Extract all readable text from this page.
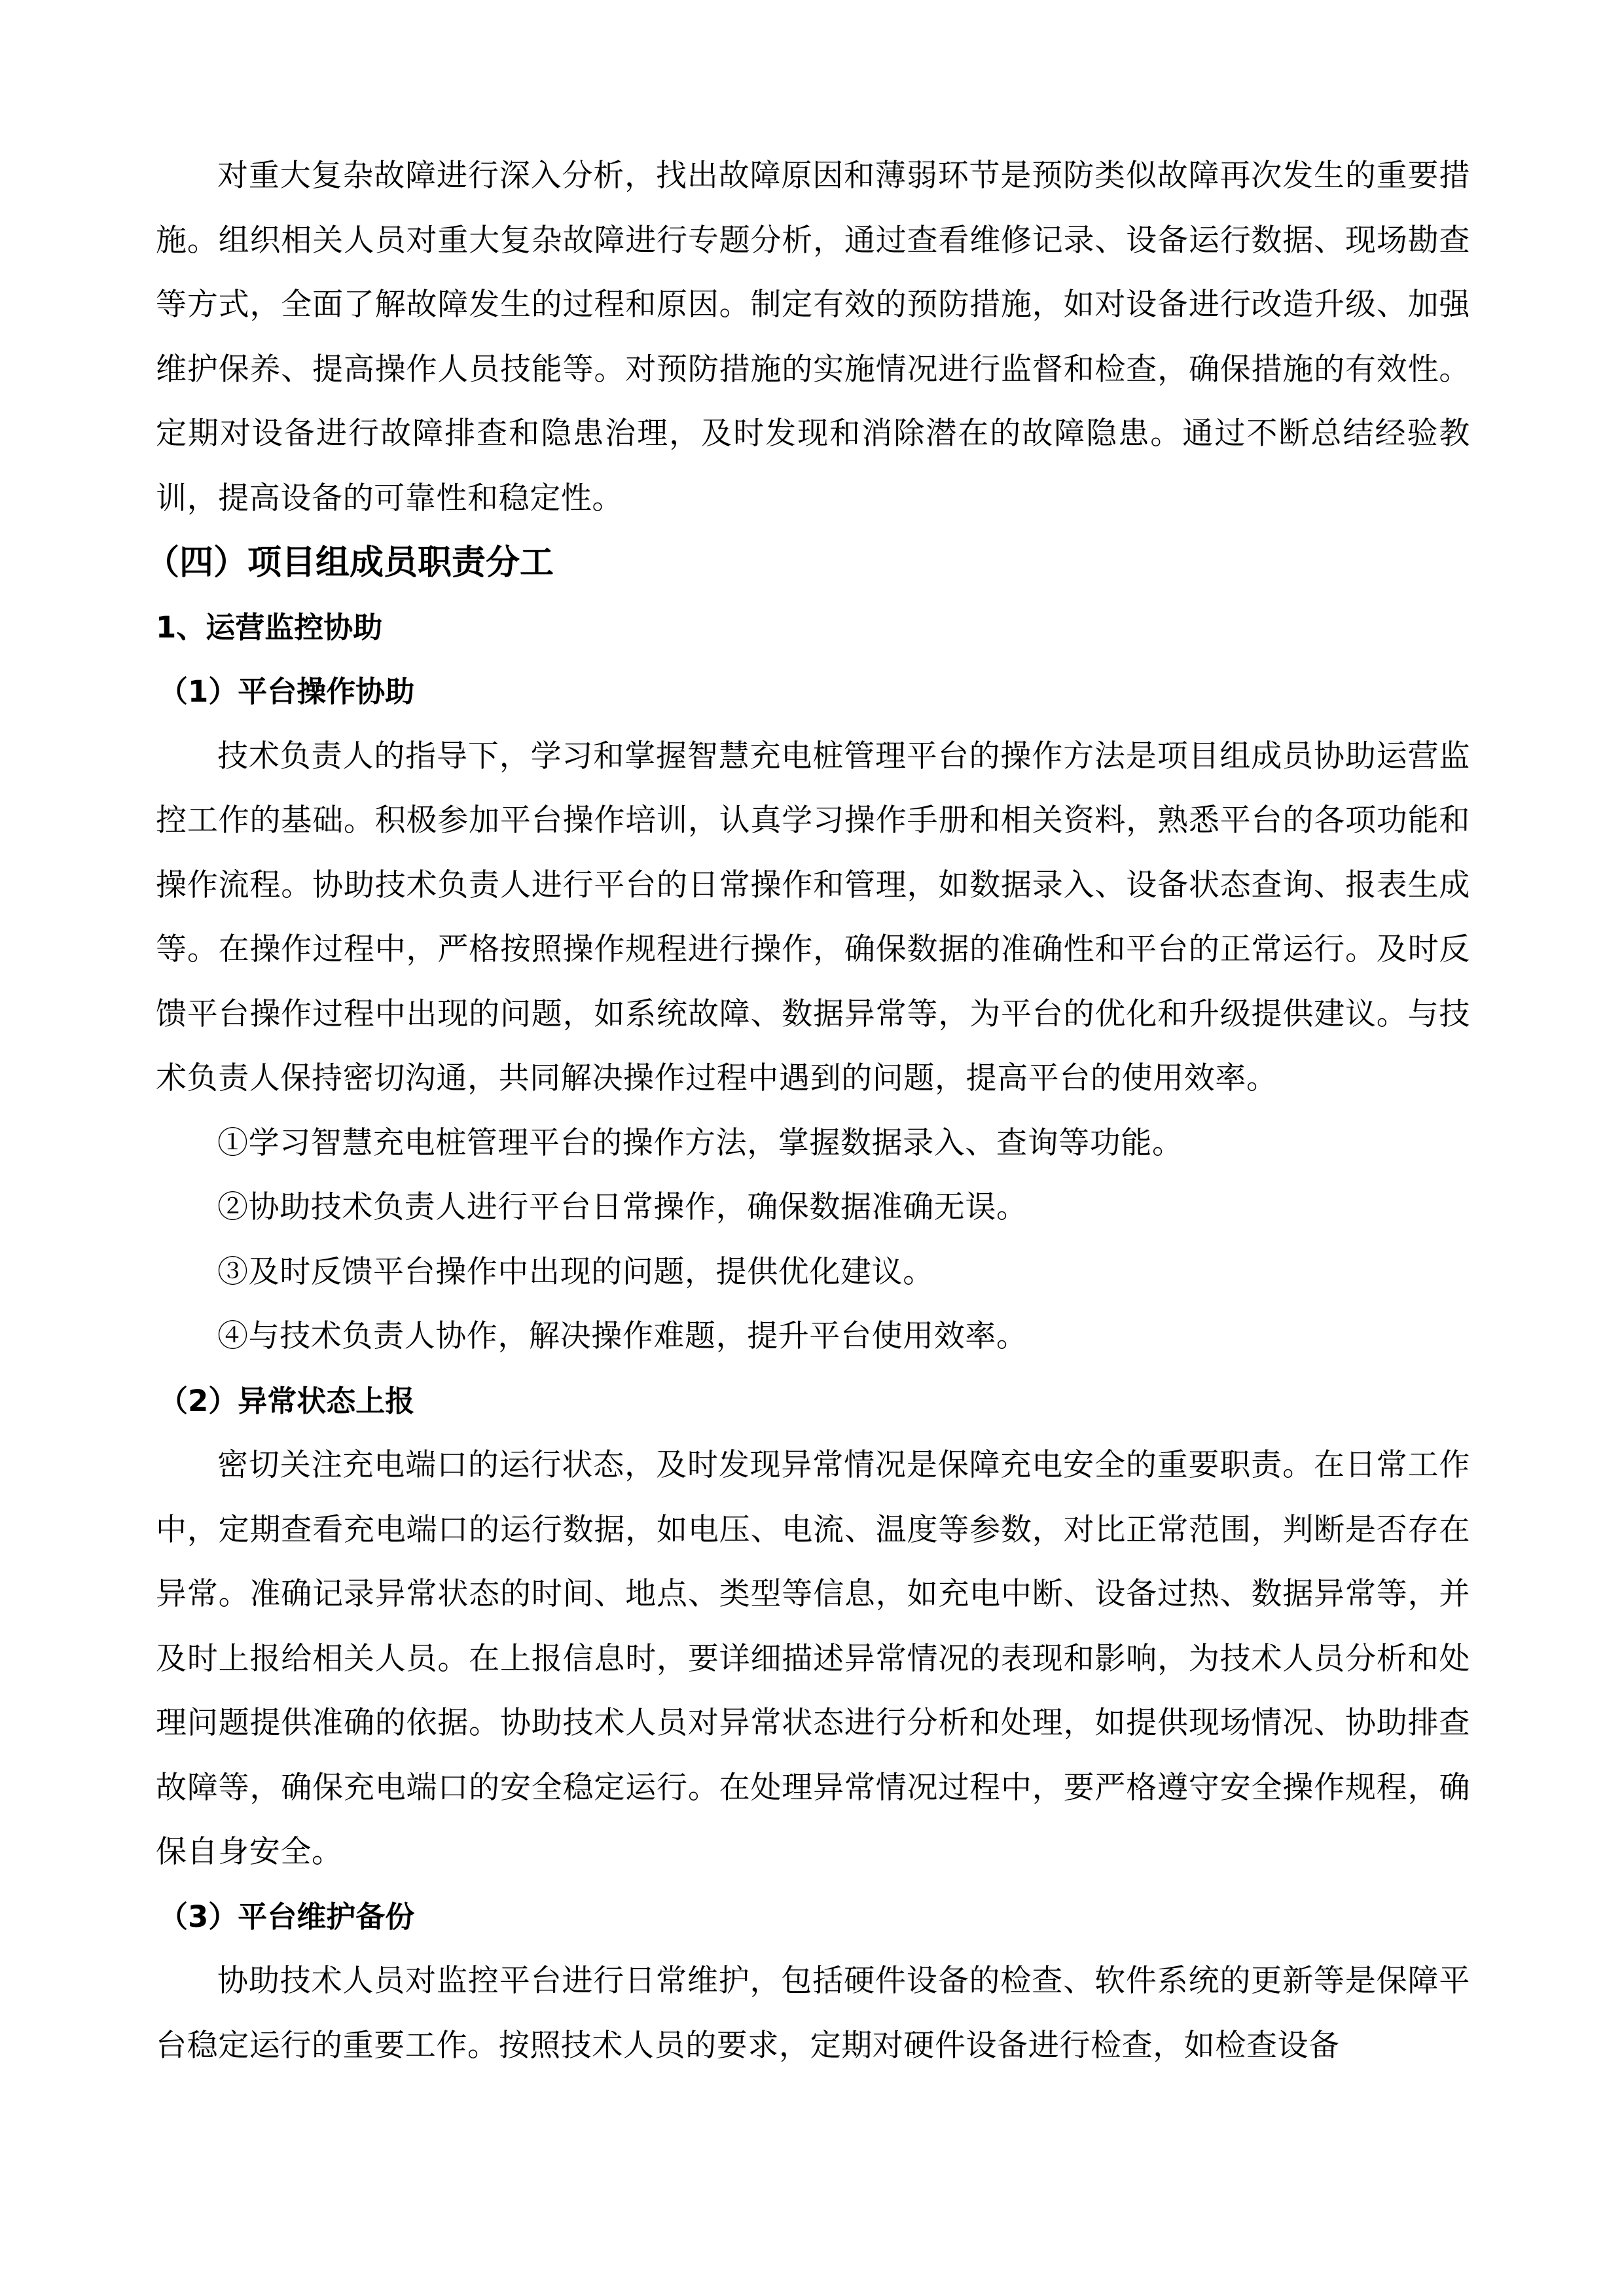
对重大复杂故障进行深入分析，找出故障原因和薄弱环节是预防类似故障再次发生的重要措施。组织相关人员对重大复杂故障进行专题分析，通过查看维修记录、设备运行数据、现场勘查等方式，全面了解故障发生的过程和原因。制定有效的预防措施，如对设备进行改造升级、加强维护保养、提高操作人员技能等。对预防措施的实施情况进行监督和检查，确保措施的有效性。定期对设备进行故障排查和隐患治理，及时发现和消除潜在的故障隐患。通过不断总结经验教训，提高设备的可靠性和稳定性。

（四）项目组成员职责分工
1、运营监控协助
（1）平台操作协助

技术负责人的指导下，学习和掌握智慧充电桩管理平台的操作方法是项目组成员协助运营监控工作的基础。积极参加平台操作培训，认真学习操作手册和相关资料，熟悉平台的各项功能和操作流程。协助技术负责人进行平台的日常操作和管理，如数据录入、设备状态查询、报表生成等。在操作过程中，严格按照操作规程进行操作，确保数据的准确性和平台的正常运行。及时反馈平台操作过程中出现的问题，如系统故障、数据异常等，为平台的优化和升级提供建议。与技术负责人保持密切沟通，共同解决操作过程中遇到的问题，提高平台的使用效率。

①学习智慧充电桩管理平台的操作方法，掌握数据录入、查询等功能。

②协助技术负责人进行平台日常操作，确保数据准确无误。

③及时反馈平台操作中出现的问题，提供优化建议。

④与技术负责人协作，解决操作难题，提升平台使用效率。

（2）异常状态上报

密切关注充电端口的运行状态，及时发现异常情况是保障充电安全的重要职责。在日常工作中，定期查看充电端口的运行数据，如电压、电流、温度等参数，对比正常范围，判断是否存在异常。准确记录异常状态的时间、地点、类型等信息，如充电中断、设备过热、数据异常等，并及时上报给相关人员。在上报信息时，要详细描述异常情况的表现和影响，为技术人员分析和处理问题提供准确的依据。协助技术人员对异常状态进行分析和处理，如提供现场情况、协助排查故障等，确保充电端口的安全稳定运行。在处理异常情况过程中，要严格遵守安全操作规程，确保自身安全。

（3）平台维护备份

协助技术人员对监控平台进行日常维护，包括硬件设备的检查、软件系统的更新等是保障平台稳定运行的重要工作。按照技术人员的要求，定期对硬件设备进行检查，如检查设备
